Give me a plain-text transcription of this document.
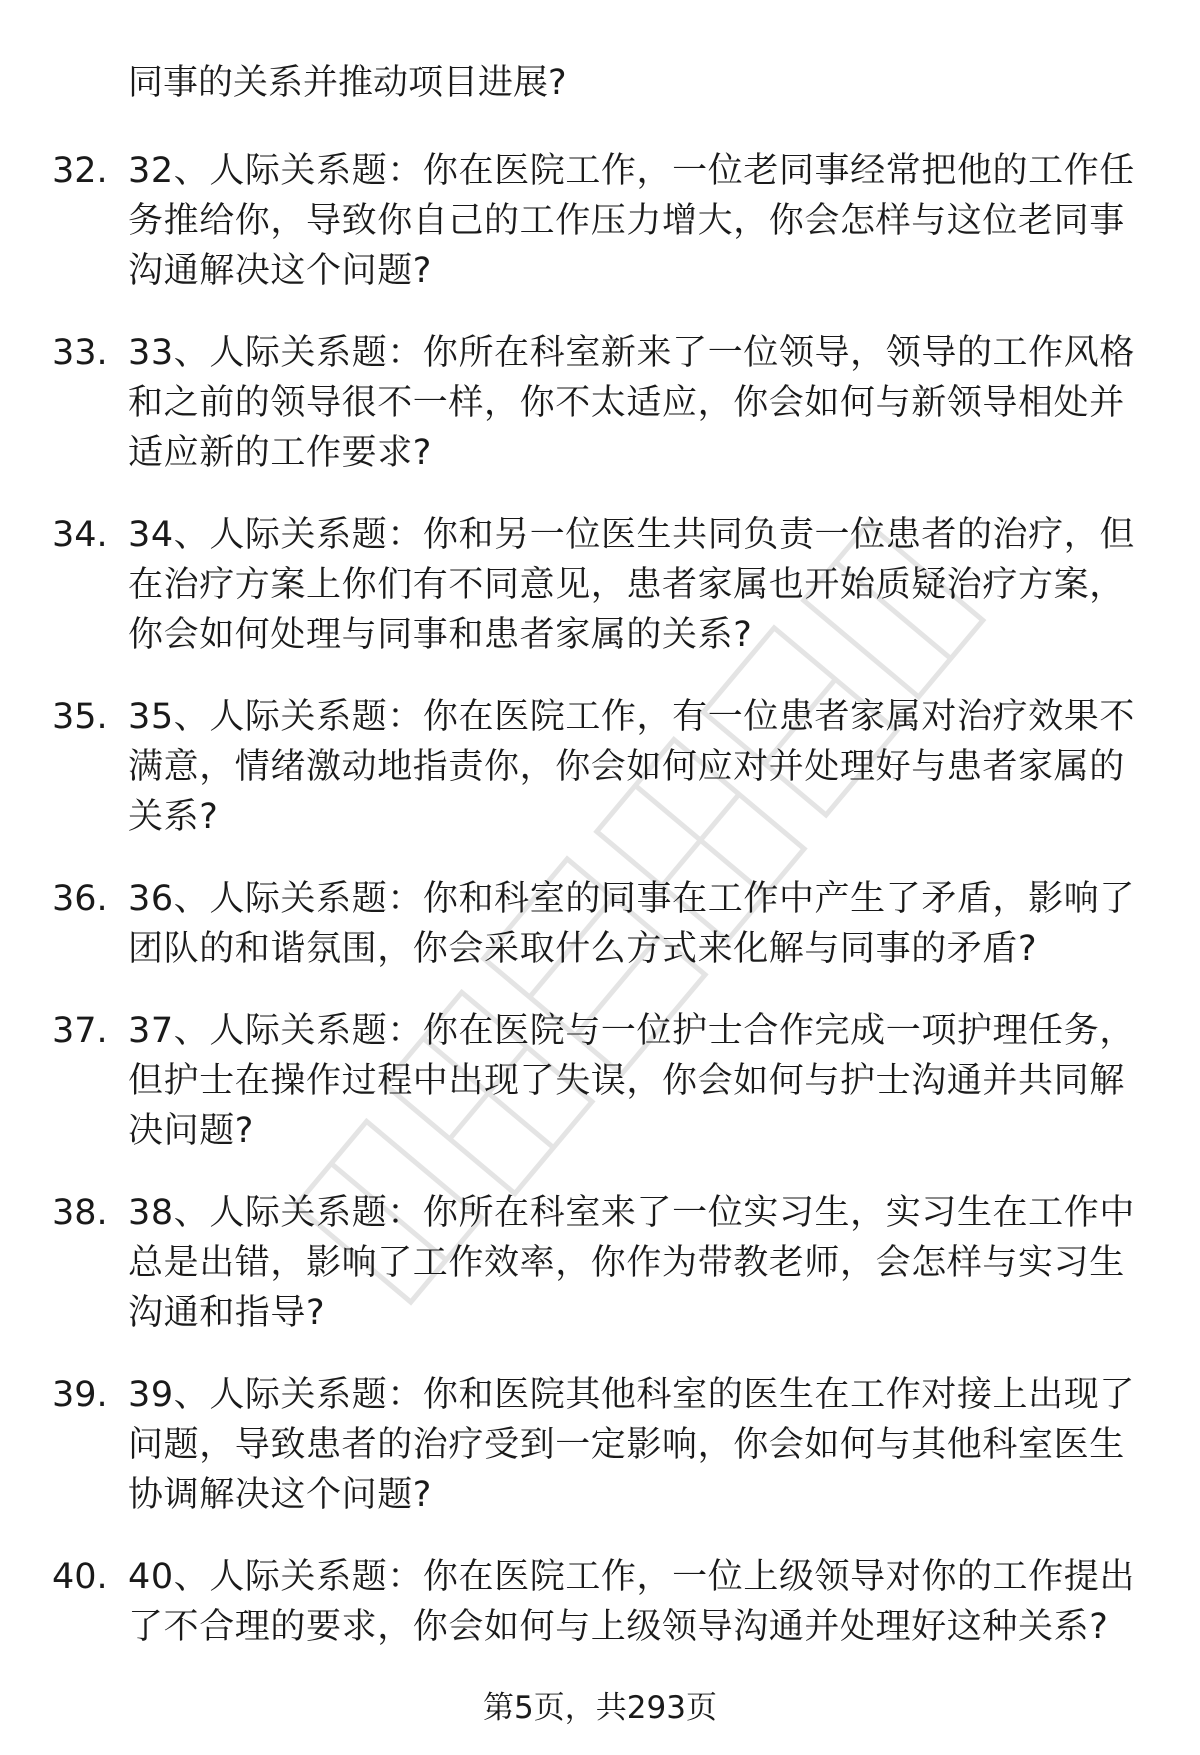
同事的关系并推动项目进展?
32. 32、人际关系题：你在医院工作，一位老同事经常把他的工作任务推给你，导致你自己的工作压力增大，你会怎样与这位老同事沟通解决这个问题?
33. 33、人际关系题：你所在科室新来了一位领导，领导的工作风格和之前的领导很不一样，你不太适应，你会如何与新领导相处并适应新的工作要求?
34. 34、人际关系题：你和另一位医生共同负责一位患者的治疗，但在治疗方案上你们有不同意见，患者家属也开始质疑治疗方案，你会如何处理与同事和患者家属的关系?
35. 35、人际关系题：你在医院工作，有一位患者家属对治疗效果不满意，情绪激动地指责你，你会如何应对并处理好与患者家属的关系?
36. 36、人际关系题：你和科室的同事在工作中产生了矛盾，影响了团队的和谐氛围，你会采取什么方式来化解与同事的矛盾?
37. 37、人际关系题：你在医院与一位护士合作完成一项护理任务，但护士在操作过程中出现了失误，你会如何与护士沟通并共同解决问题?
38. 38、人际关系题：你所在科室来了一位实习生，实习生在工作中总是出错，影响了工作效率，你作为带教老师，会怎样与实习生沟通和指导?
39. 39、人际关系题：你和医院其他科室的医生在工作对接上出现了问题，导致患者的治疗受到一定影响，你会如何与其他科室医生协调解决这个问题?
40. 40、人际关系题：你在医院工作，一位上级领导对你的工作提出了不合理的要求，你会如何与上级领导沟通并处理好这种关系?
第5页，共293页
